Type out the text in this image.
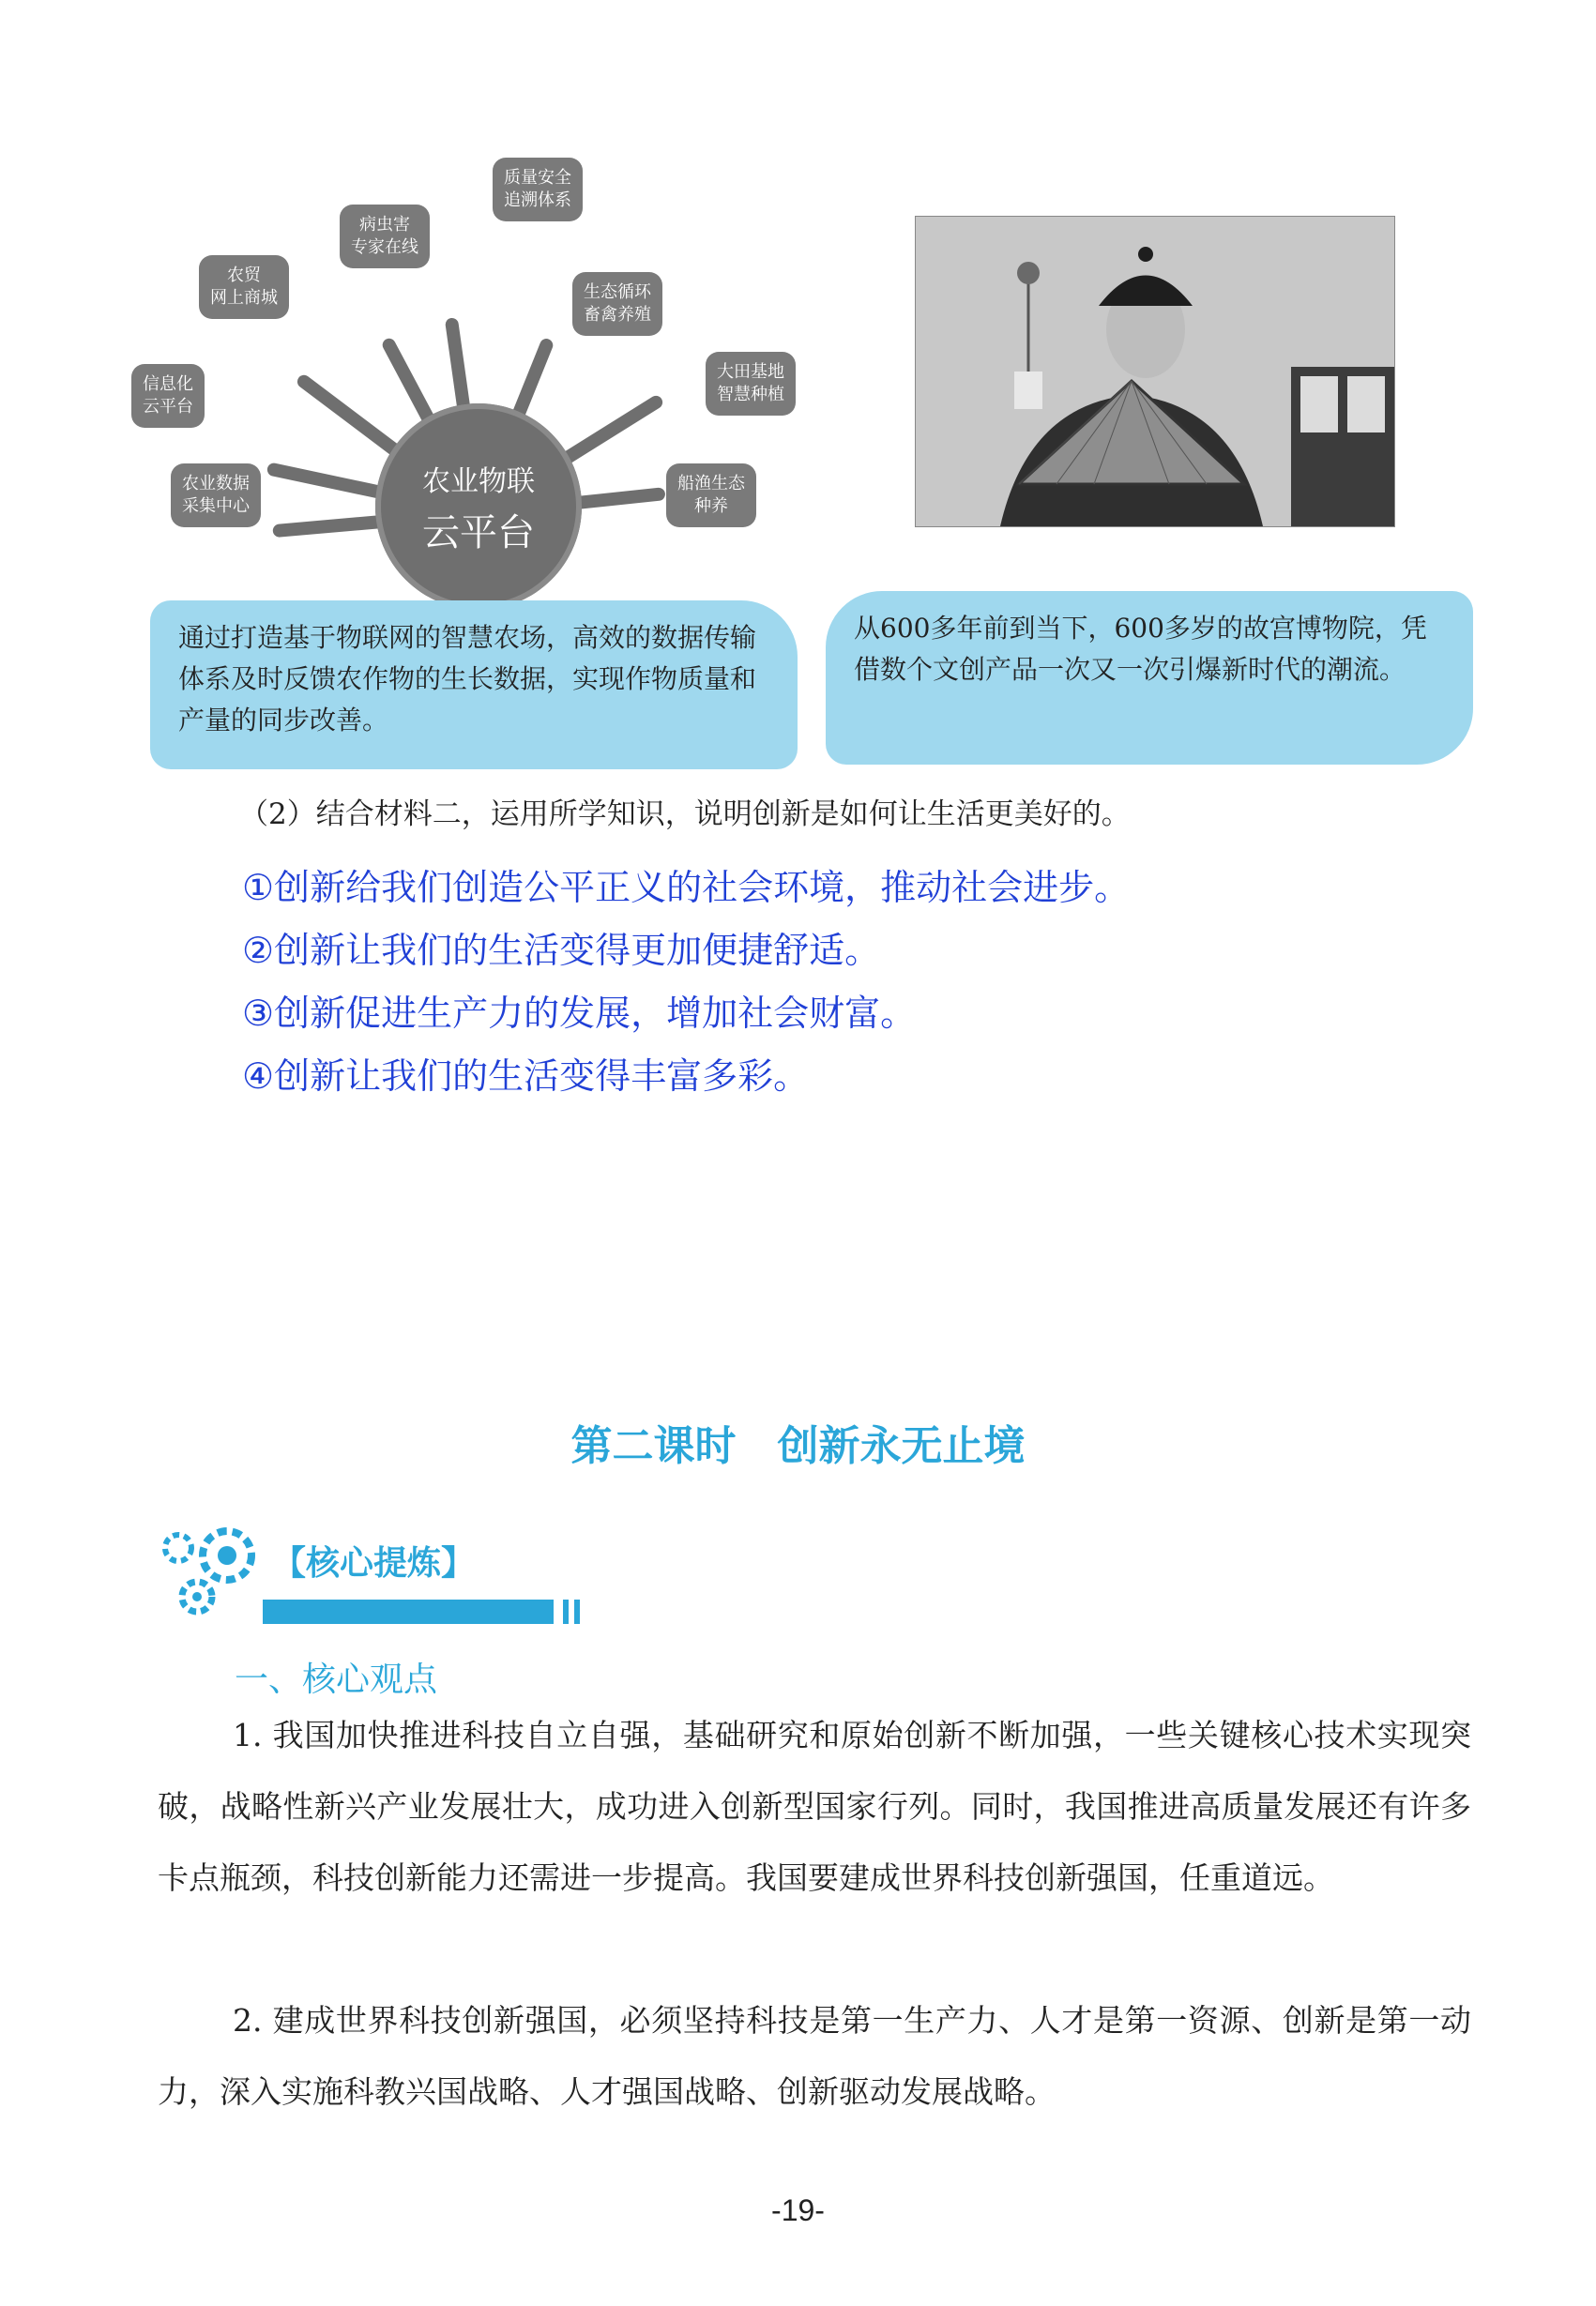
农业物联
云平台
质量安全
追溯体系
病虫害
专家在线
生态循环
畜禽养殖
农贸
网上商城
大田基地
智慧种植
信息化
云平台
船渔生态
种养
农业数据
采集中心
通过打造基于物联网的智慧农场，高效的数据传输体系及时反馈农作物的生长数据，实现作物质量和产量的同步改善。
从600多年前到当下，600多岁的故宫博物院，凭借数个文创产品一次又一次引爆新时代的潮流。
（2）结合材料二，运用所学知识，说明创新是如何让生活更美好的。
①创新给我们创造公平正义的社会环境，推动社会进步。
②创新让我们的生活变得更加便捷舒适。
③创新促进生产力的发展，增加社会财富。
④创新让我们的生活变得丰富多彩。
第二课时　创新永无止境
【核心提炼】
一、核心观点
1. 我国加快推进科技自立自强，基础研究和原始创新不断加强，一些关键核心技术实现突破，战略性新兴产业发展壮大，成功进入创新型国家行列。同时，我国推进高质量发展还有许多卡点瓶颈，科技创新能力还需进一步提高。我国要建成世界科技创新强国，任重道远。
2. 建成世界科技创新强国，必须坚持科技是第一生产力、人才是第一资源、创新是第一动力，深入实施科教兴国战略、人才强国战略、创新驱动发展战略。
-19-
